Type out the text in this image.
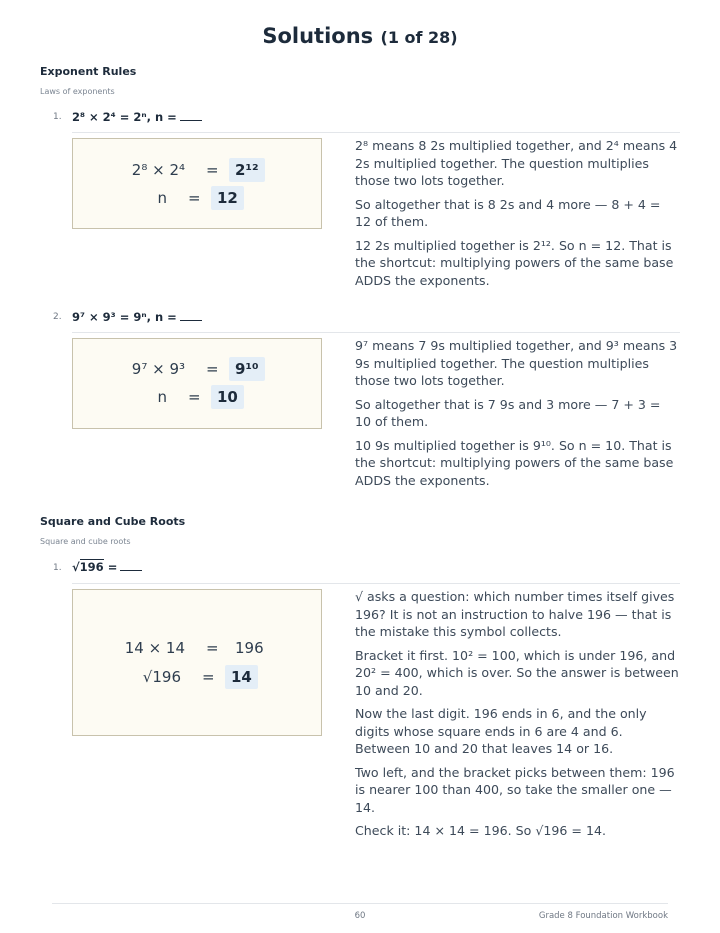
Solutions (1 of 28)
Exponent Rules
Laws of exponents
1. 2⁸ × 2⁴ = 2ⁿ, n =
2⁸ × 2⁴ =	2¹²
n =	12

2⁸ means 8 2s multiplied together, and 2⁴ means 4 2s multiplied together. The question multiplies those two lots together.

So altogether that is 8 2s and 4 more — 8 + 4 = 12 of them.

12 2s multiplied together is 2¹². So n = 12. That is the shortcut: multiplying powers of the same base ADDS the exponents.

2. 9⁷ × 9³ = 9ⁿ, n =
9⁷ × 9³ =	9¹⁰
n =	10

9⁷ means 7 9s multiplied together, and 9³ means 3 9s multiplied together. The question multiplies those two lots together.

So altogether that is 7 9s and 3 more — 7 + 3 = 10 of them.

10 9s multiplied together is 9¹⁰. So n = 10. That is the shortcut: multiplying powers of the same base ADDS the exponents.

Square and Cube Roots
Square and cube roots
1. √196 =
14 × 14 = 196
√196 =	14

√ asks a question: which number times itself gives 196? It is not an instruction to halve 196 — that is the mistake this symbol collects.

Bracket it first. 10² = 100, which is under 196, and 20² = 400, which is over. So the answer is between 10 and 20.

Now the last digit. 196 ends in 6, and the only digits whose square ends in 6 are 4 and 6. Between 10 and 20 that leaves 14 or 16.

Two left, and the bracket picks between them: 196 is nearer 100 than 400, so take the smaller one — 14.

Check it: 14 × 14 = 196. So √196 = 14.

60	Grade 8 Foundation Workbook
